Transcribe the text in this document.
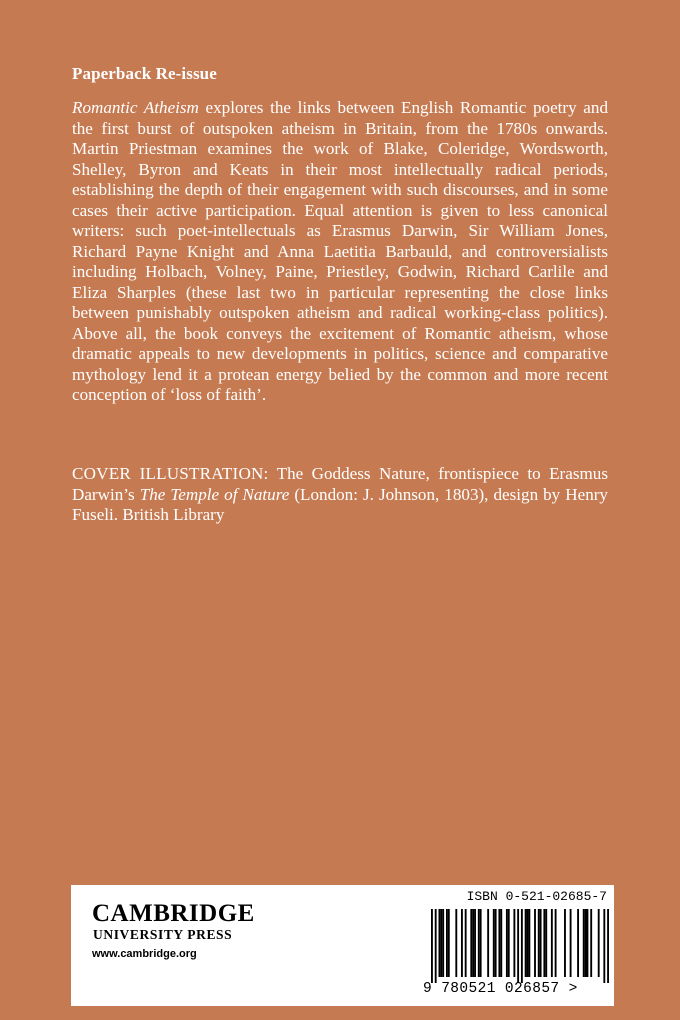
Paperback Re-issue

Romantic Atheism explores the links between English Romantic poetry and the first burst of outspoken atheism in Britain, from the 1780s onwards. Martin Priestman examines the work of Blake, Coleridge, Wordsworth, Shelley, Byron and Keats in their most intellectually radical periods, establishing the depth of their engagement with such discourses, and in some cases their active participation. Equal attention is given to less canonical writers: such poet-intellectuals as Erasmus Darwin, Sir William Jones, Richard Payne Knight and Anna Laetitia Barbauld, and controversialists including Holbach, Volney, Paine, Priestley, Godwin, Richard Carlile and Eliza Sharples (these last two in particular representing the close links between punishably outspoken atheism and radical working-class politics). Above all, the book conveys the excitement of Romantic atheism, whose dramatic appeals to new developments in politics, science and comparative mythology lend it a protean energy belied by the common and more recent conception of ‘loss of faith’.

COVER ILLUSTRATION: The Goddess Nature, frontispiece to Erasmus Darwin’s The Temple of Nature (London: J. Johnson, 1803), design by Henry Fuseli. British Library

CAMBRIDGE
UNIVERSITY PRESS
www.cambridge.org
ISBN 0-521-02685-7
9 780521 026857 >
